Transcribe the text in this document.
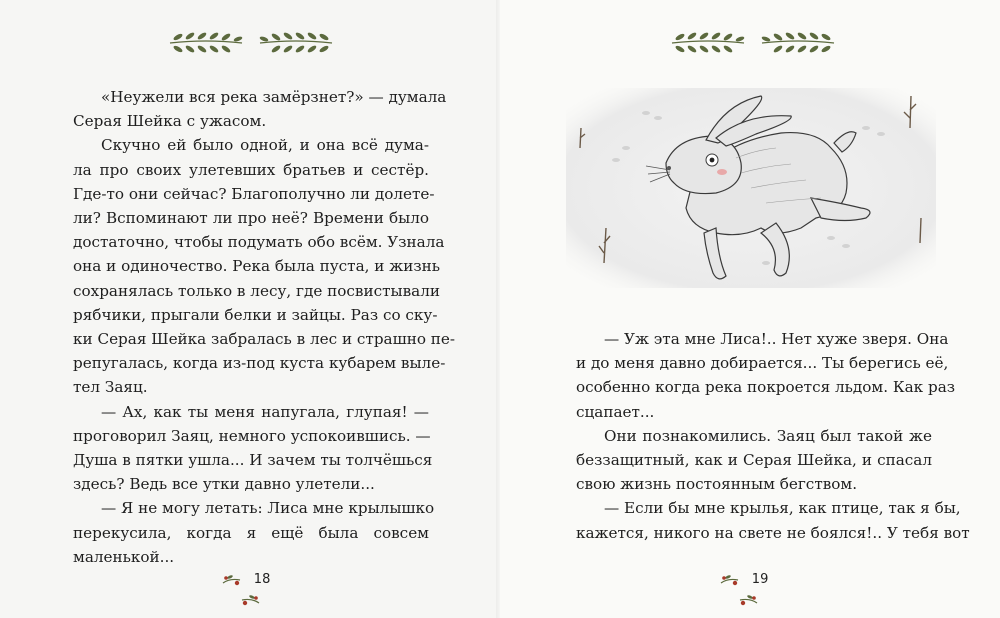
«Неужели вся река замёрзнет?» — думала

Серая Шейка с ужасом.

Скучно ей было одной, и она всё дума-

ла про своих улетевших братьев и сестёр.

Где-то они сейчас? Благополучно ли долете-

ли? Вспоминают ли про неё? Времени было

достаточно, чтобы подумать обо всём. Узнала

она и одиночество. Река была пуста, и жизнь

сохранялась только в лесу, где посвистывали

рябчики, прыгали белки и зайцы. Раз со ску-

ки Серая Шейка забралась в лес и страшно пе-

репугалась, когда из-под куста кубарем выле-

тел Заяц.

— Ах, как ты меня напугала, глупая! —

проговорил Заяц, немного успокоившись. —

Душа в пятки ушла... И зачем ты толчёшься

здесь? Ведь все утки давно улетели...

— Я не могу летать: Лиса мне крылышко

перекусила, когда я ещё была совсем

маленькой...

18

— Уж эта мне Лиса!.. Нет хуже зверя. Она

и до меня давно добирается... Ты берегись её,

особенно когда река покроется льдом. Как раз

сцапает...

Они познакомились. Заяц был такой же

беззащитный, как и Серая Шейка, и спасал

свою жизнь постоянным бегством.

— Если бы мне крылья, как птице, так я бы,

кажется, никого на свете не боялся!.. У тебя вот

19
